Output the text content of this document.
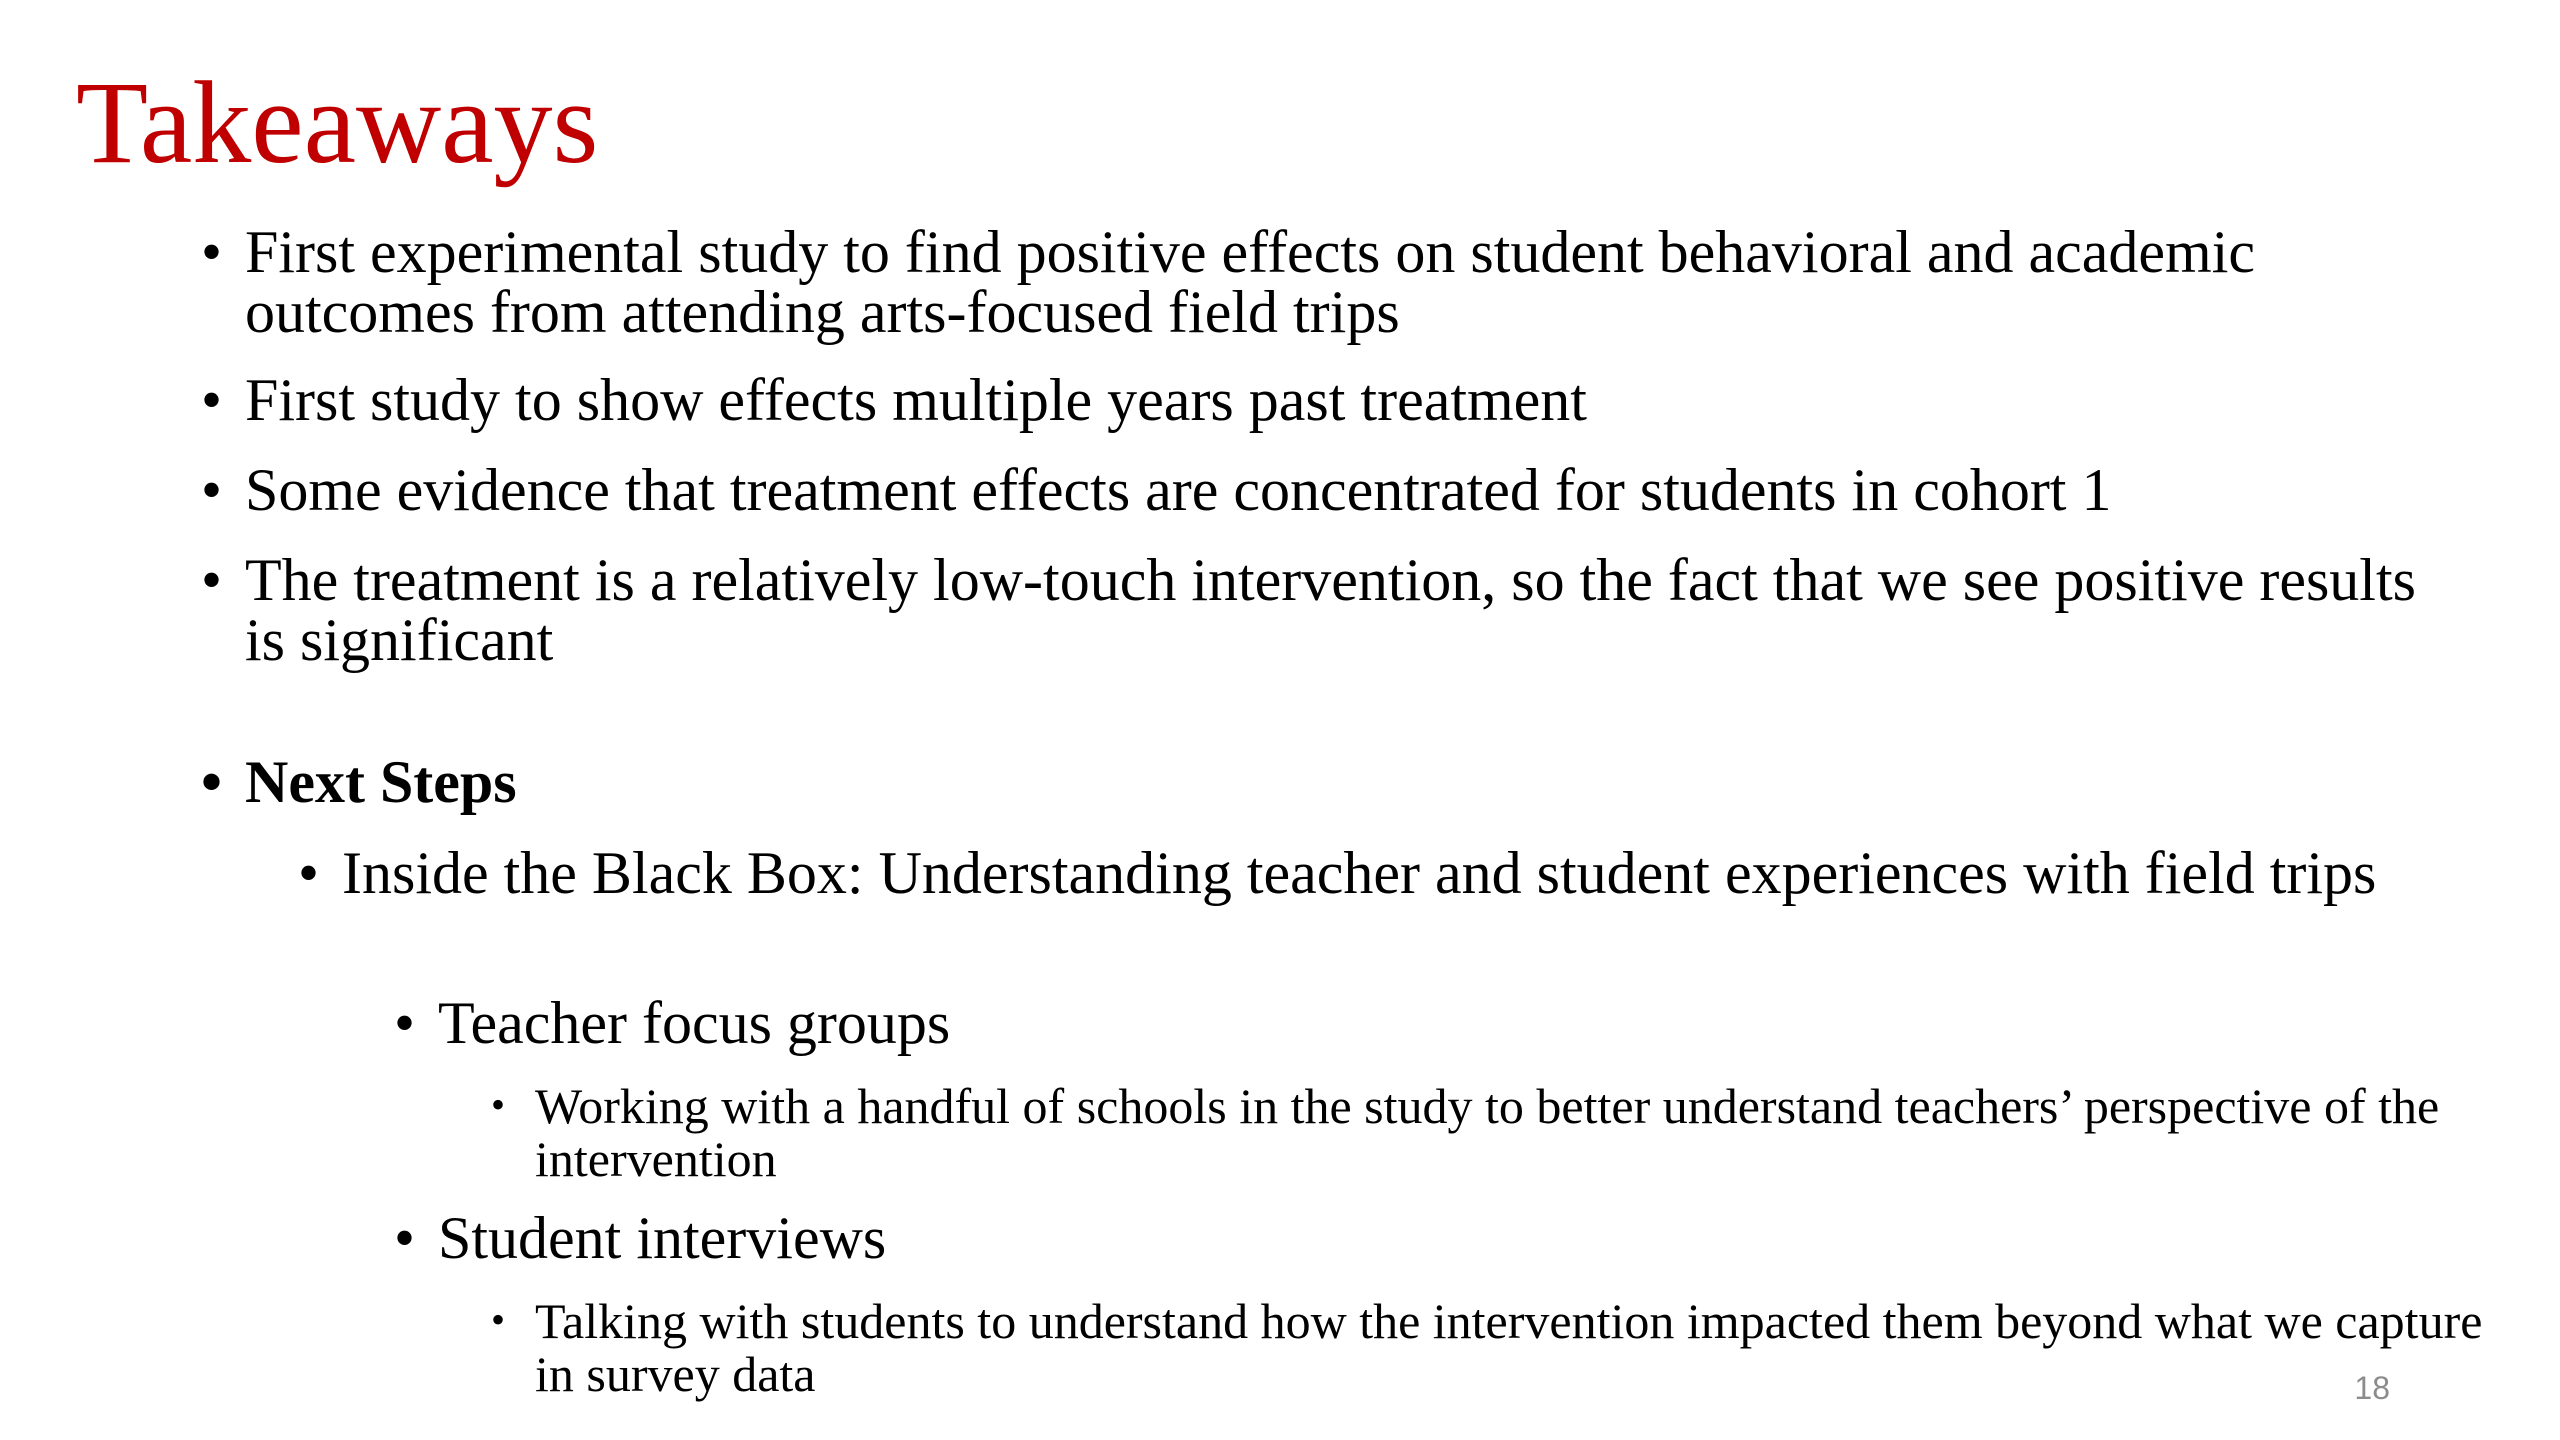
Takeaways
• First experimental study to find positive effects on student behavioral and academic outcomes from attending arts-focused field trips
• First study to show effects multiple years past treatment
• Some evidence that treatment effects are concentrated for students in cohort 1
• The treatment is a relatively low-touch intervention, so the fact that we see positive results is significant
• Next Steps
• Inside the Black Box: Understanding teacher and student experiences with field trips
• Teacher focus groups
• Working with a handful of schools in the study to better understand teachers’ perspective of the intervention
• Student interviews
• Talking with students to understand how the intervention impacted them beyond what we capture in survey data	18
